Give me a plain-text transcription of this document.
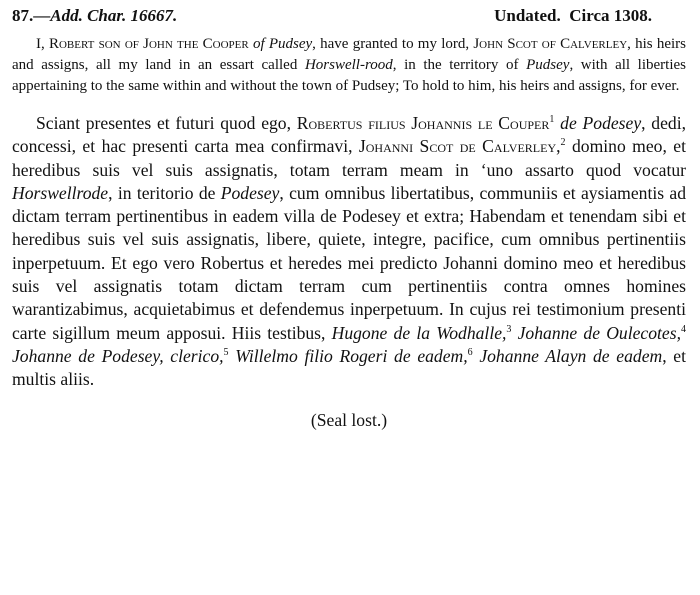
87.—Add. Char. 16667.	Undated. Circa 1308.

I, Robert son of John the Cooper of Pudsey, have granted to my lord, John Scot of Calverley, his heirs and assigns, all my land in an essart called Horswell-rood, in the territory of Pudsey, with all liberties appertaining to the same within and without the town of Pudsey; To hold to him, his heirs and assigns, for ever.

Sciant presentes et futuri quod ego, Robertus filius Johannis le Couper$^1$ de Podesey, dedi, concessi, et hac presenti carta mea confirmavi, Johanni Scot de Calverley,$^2$ domino meo, et heredibus suis vel suis assignatis, totam terram meam in ʻuno assarto quod vocatur Horswellrode, in teritorio de Podesey, cum omnibus libertatibus, communiis et aysiamentis ad dictam terram pertinentibus in eadem villa de Podesey et extra; Habendam et tenendam sibi et heredibus suis vel suis assignatis, libere, quiete, integre, pacifice, cum omnibus pertinentiis inperpetuum. Et ego vero Robertus et heredes mei predicto Johanni domino meo et heredibus suis vel assignatis totam dictam terram cum pertinentiis contra omnes homines warantizabimus, acquietabimus et defendemus inperpetuum. In cujus rei testimonium presenti carte sigillum meum apposui. Hiis testibus, Hugone de la Wodhalle,$^3$ Johanne de Oulecotes,$^4$ Johanne de Podesey, clerico,$^5$ Willelmo filio Rogeri de eadem,$^6$ Johanne Alayn de eadem, et multis aliis.

(Seal lost.)
